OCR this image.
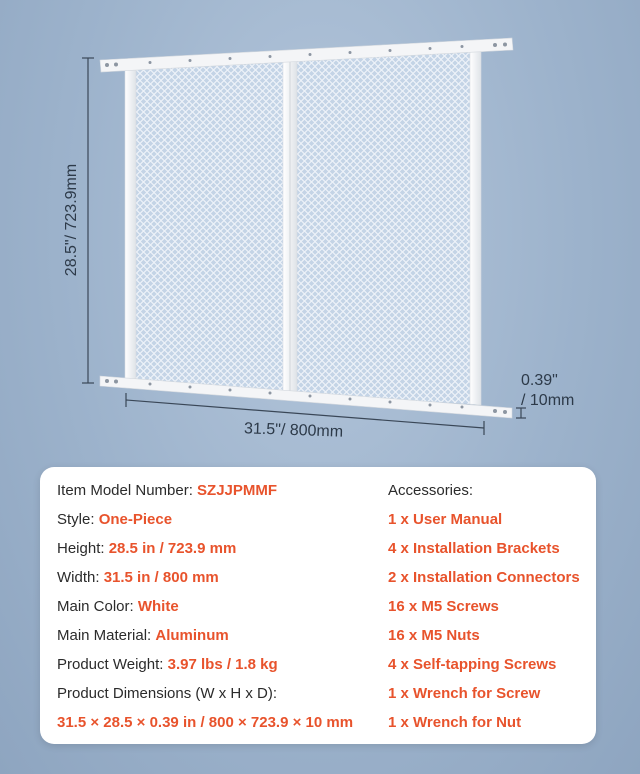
28.5"/ 723.9mm
31.5"/ 800mm
0.39"
/ 10mm
Item Model Number: SZJJPMMF
Style: One-Piece
Height: 28.5 in / 723.9 mm
Width: 31.5 in / 800 mm
Main Color: White
Main Material: Aluminum
Product Weight: 3.97 lbs / 1.8 kg
Product Dimensions (W x H x D):
31.5 × 28.5 × 0.39 in / 800 × 723.9 × 10 mm
Accessories:
1 x User Manual
4 x Installation Brackets
2 x Installation Connectors
16 x M5 Screws
16 x M5 Nuts
4 x Self-tapping Screws
1 x Wrench for Screw
1 x Wrench for Nut
